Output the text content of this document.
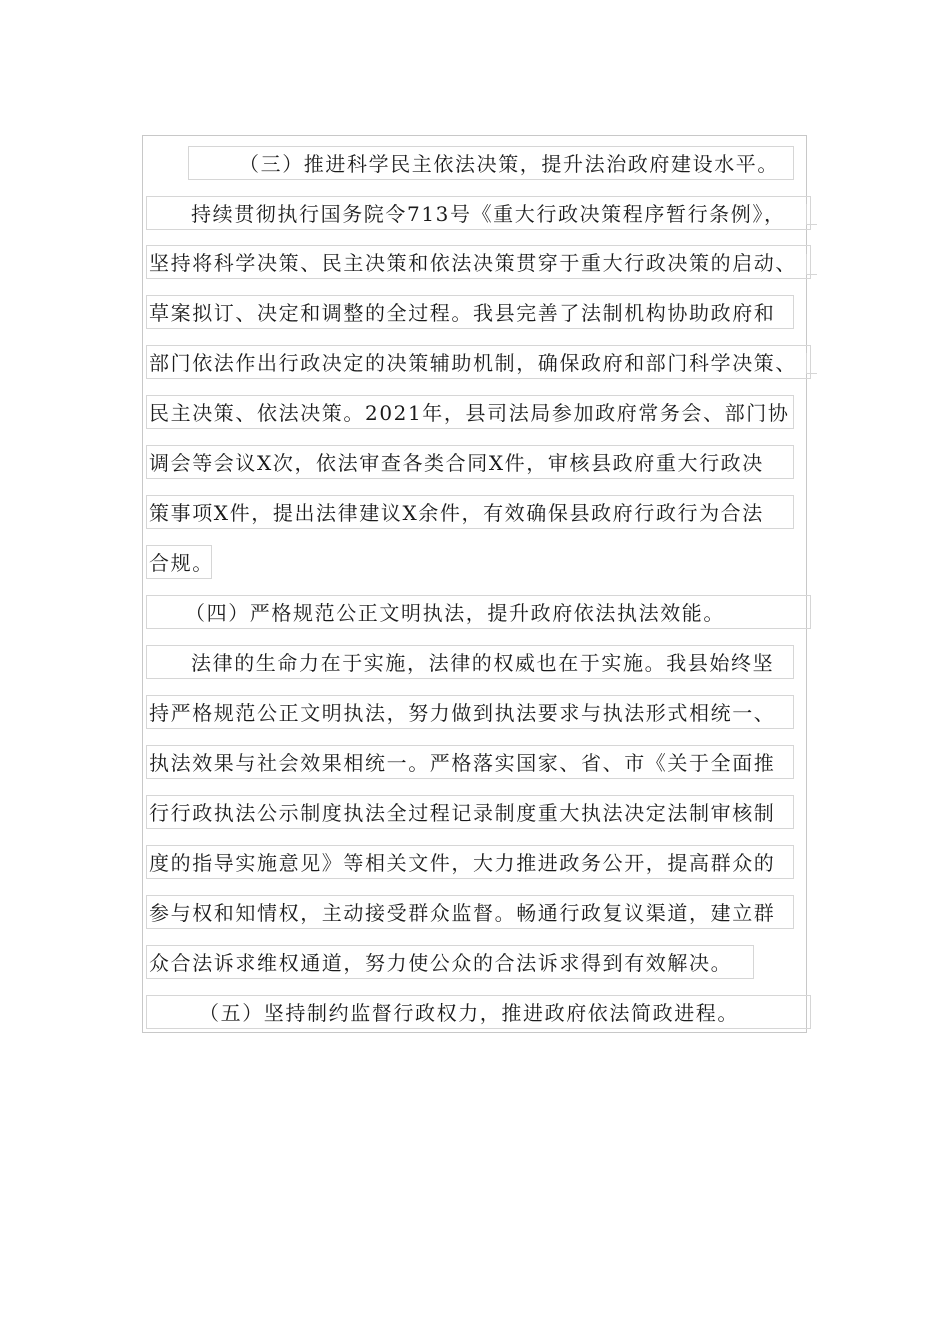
（三）推进科学民主依法决策，提升法治政府建设水平。
持续贯彻执行国务院令713号《重大行政决策程序暂行条例》，
坚持将科学决策、民主决策和依法决策贯穿于重大行政决策的启动、
草案拟订、决定和调整的全过程。我县完善了法制机构协助政府和
部门依法作出行政决定的决策辅助机制，确保政府和部门科学决策、
民主决策、依法决策。2021年，县司法局参加政府常务会、部门协
调会等会议X次，依法审查各类合同X件，审核县政府重大行政决
策事项X件，提出法律建议X余件，有效确保县政府行政行为合法
合规。
（四）严格规范公正文明执法，提升政府依法执法效能。
法律的生命力在于实施，法律的权威也在于实施。我县始终坚
持严格规范公正文明执法，努力做到执法要求与执法形式相统一、
执法效果与社会效果相统一。严格落实国家、省、市《关于全面推
行行政执法公示制度执法全过程记录制度重大执法决定法制审核制
度的指导实施意见》等相关文件，大力推进政务公开，提高群众的
参与权和知情权，主动接受群众监督。畅通行政复议渠道，建立群
众合法诉求维权通道，努力使公众的合法诉求得到有效解决。
（五）坚持制约监督行政权力，推进政府依法简政进程。
